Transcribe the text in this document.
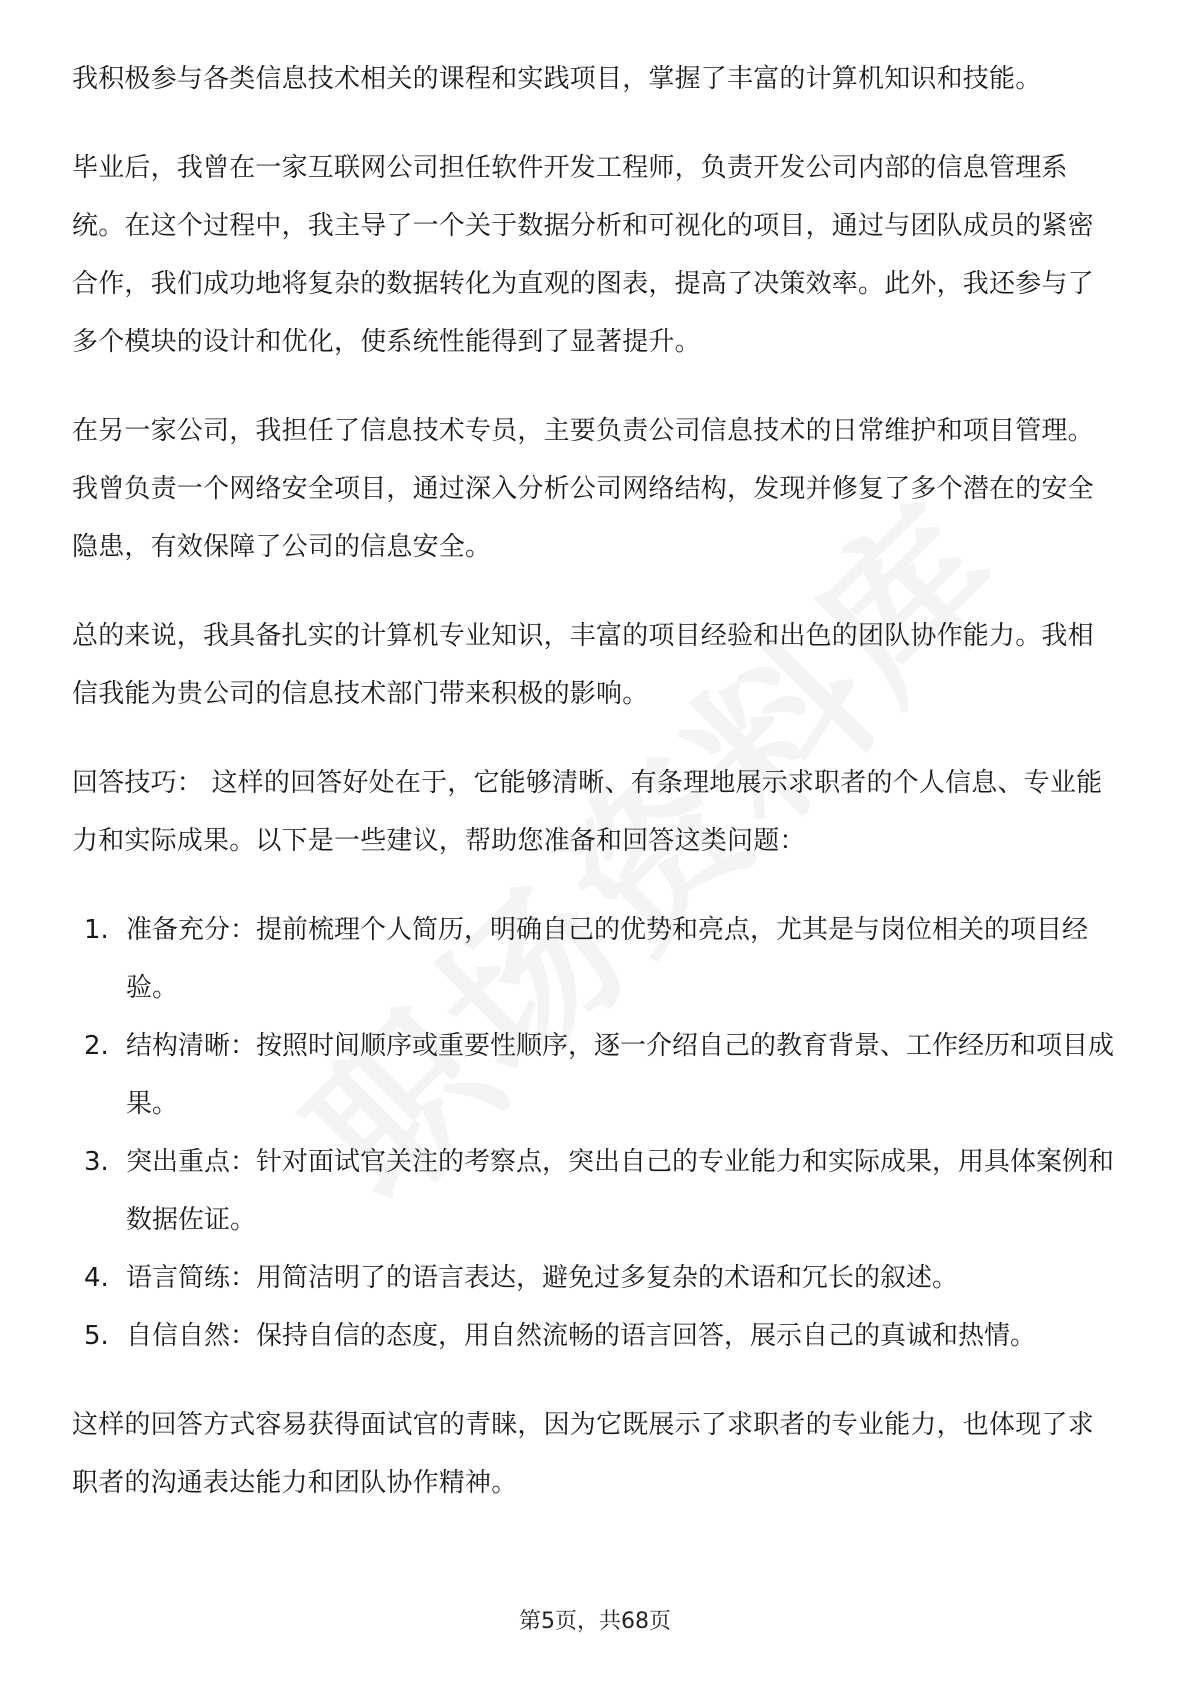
我积极参与各类信息技术相关的课程和实践项目，掌握了丰富的计算机知识和技能。

毕业后，我曾在一家互联网公司担任软件开发工程师，负责开发公司内部的信息管理系统。在这个过程中，我主导了一个关于数据分析和可视化的项目，通过与团队成员的紧密合作，我们成功地将复杂的数据转化为直观的图表，提高了决策效率。此外，我还参与了多个模块的设计和优化，使系统性能得到了显著提升。

在另一家公司，我担任了信息技术专员，主要负责公司信息技术的日常维护和项目管理。我曾负责一个网络安全项目，通过深入分析公司网络结构，发现并修复了多个潜在的安全隐患，有效保障了公司的信息安全。

总的来说，我具备扎实的计算机专业知识，丰富的项目经验和出色的团队协作能力。我相信我能为贵公司的信息技术部门带来积极的影响。

回答技巧： 这样的回答好处在于，它能够清晰、有条理地展示求职者的个人信息、专业能力和实际成果。以下是一些建议，帮助您准备和回答这类问题：

1. 准备充分：提前梳理个人简历，明确自己的优势和亮点，尤其是与岗位相关的项目经验。
2. 结构清晰：按照时间顺序或重要性顺序，逐一介绍自己的教育背景、工作经历和项目成果。
3. 突出重点：针对面试官关注的考察点，突出自己的专业能力和实际成果，用具体案例和数据佐证。
4. 语言简练：用简洁明了的语言表达，避免过多复杂的术语和冗长的叙述。
5. 自信自然：保持自信的态度，用自然流畅的语言回答，展示自己的真诚和热情。

这样的回答方式容易获得面试官的青睐，因为它既展示了求职者的专业能力，也体现了求职者的沟通表达能力和团队协作精神。

第5页，共68页
